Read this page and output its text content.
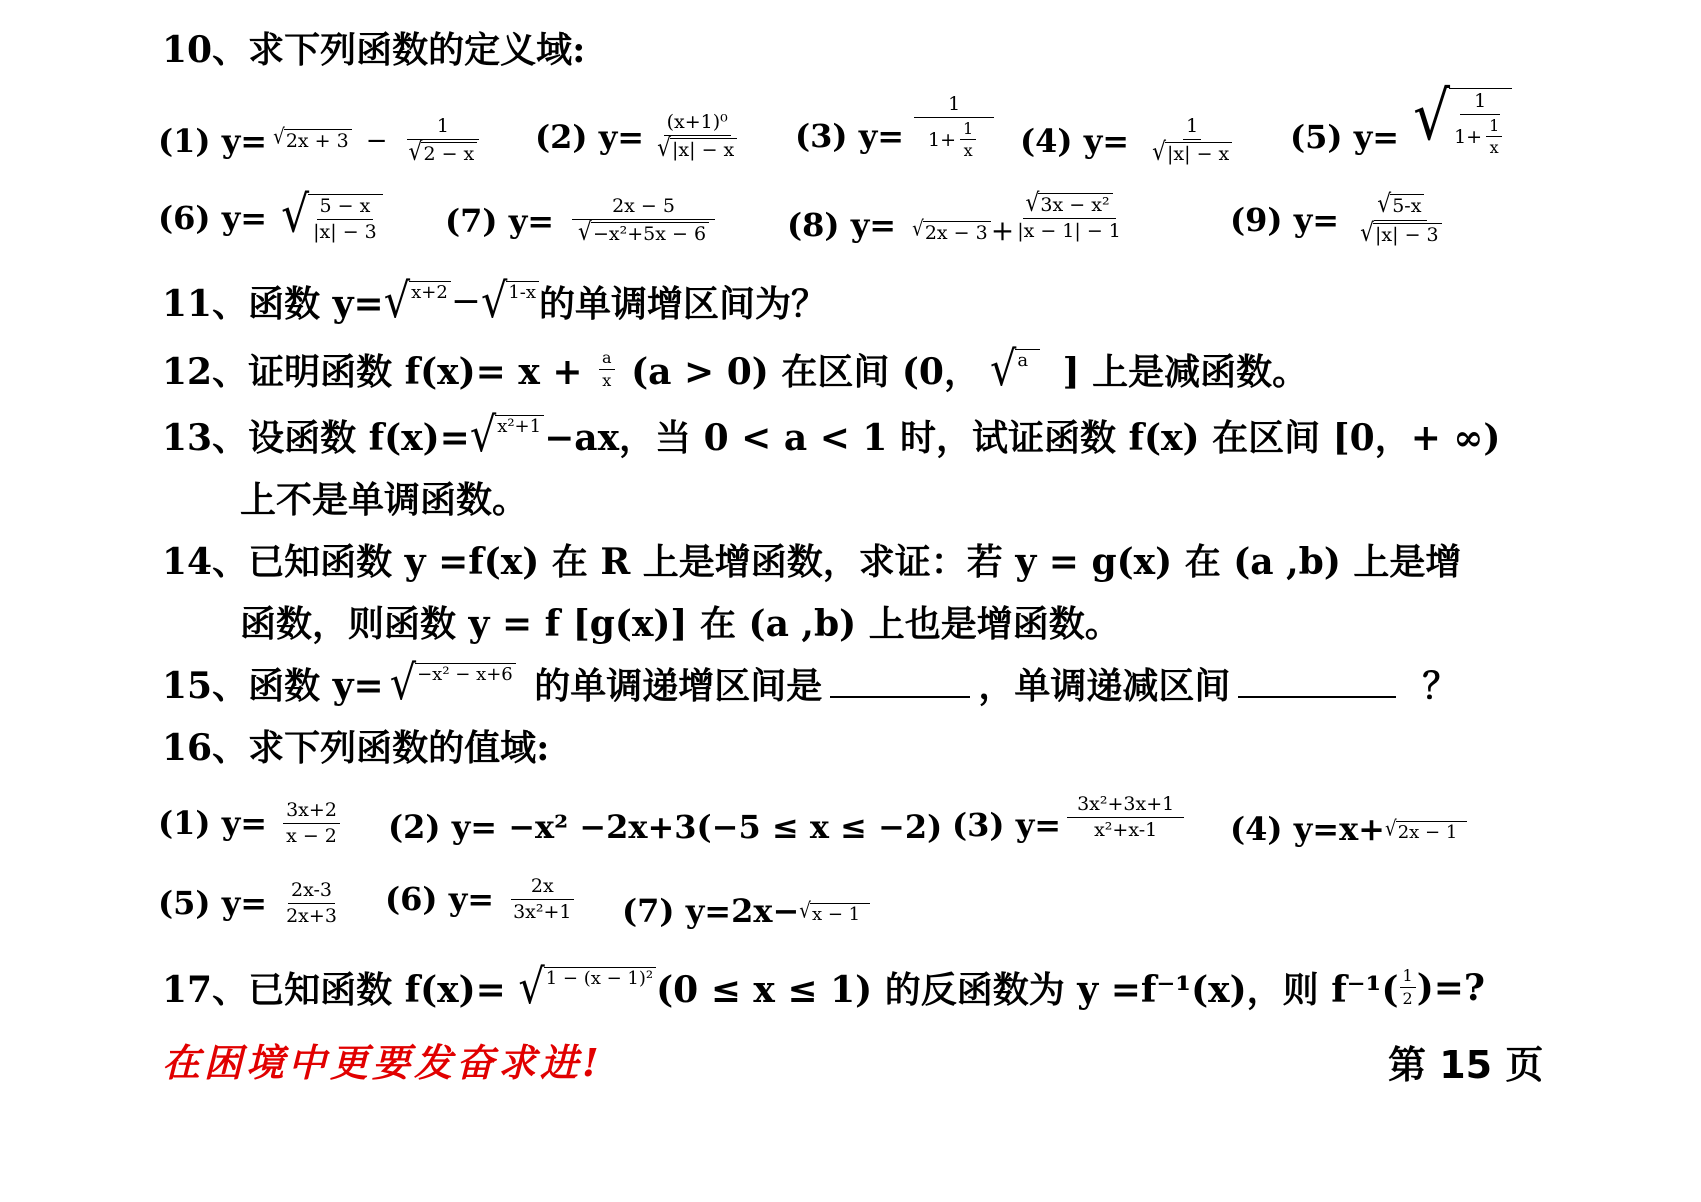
10、求下列函数的定义域:
(1) y= √ $2x + 3 - \frac{1}{√ 2 - x} (2)$ $y= \frac{\text{(x+1)⁰}}{√ |x| - x} (3)$ $y= \frac{1}{1+ \frac{1}{x}} (4)$ $y= \frac{1}{√ |x| - x} (5)$ y= √ $\frac{1}{1+ \frac{1}{x}}$
(6) y= √ $\frac{5 - x}{|x| - 3} (7)$ $y= \frac{2x - 5}{\text{√ −x²+5x − 6}} (8)$ y= √ $2x - 3 + \frac{\text{√ 3x − x²}}{|x - 1| - 1}$	(9) $y= \frac{√ 5-x}{√ |x| - 3}$
11、函数 y= √ x+2 − √ 1-x 的单调增区间为？
12、证明函数 $f(x)= x + \frac{a}{x} (a > 0)$ 在区间 (0， √ a ] 上是减函数。
13、设函数 f(x)= √ x²+1 −ax，当 0 < a < 1 时，试证函数 f(x) 在区间 [0，+ ∞)
上不是单调函数。
14、已知函数 y =f(x) 在 R 上是增函数，求证：若 y = g(x) 在 (a ,b) 上是增
函数，则函数 y = f [g(x)] 在 (a ,b) 上也是增函数。
15、函数 y= √ −x² − x+6 的单调递增区间是	，单调递减区间	？
16、求下列函数的值域:
(1) $y= \frac{3x+2}{x - 2} (2)$ y= −x² −2x+3(−5 ≤ x ≤ −2) (3) $y= \frac{\text{3x²+3x+1}}{\text{x²+x-1}} (4)$ y=x+ √ 2x − 1
(5) $y= \frac{2x-3}{2x+3} (6)$ $y= \frac{2x}{\text{3x²+1}} (7)$ y=2x− √ x − 1
17、已知函数 f(x)= √ 1 − (x − 1)² (0 ≤ x ≤ 1) 的反函数为 y =f⁻¹(x)，则 $f^{-1}( \frac{1}{2}$ )=?
在困境中更要发奋求进!	第 15 页
